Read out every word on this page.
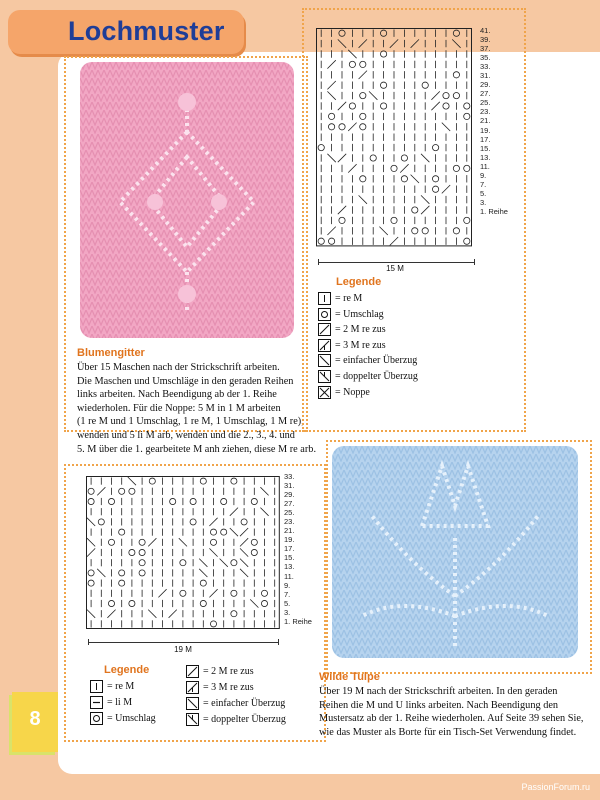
Lochmuster
Blumengitter
Über 15 Maschen nach der Strickschrift arbeiten.
Die Maschen und Umschläge in den geraden Reihen
links arbeiten. Nach Beendigung ab der 1. Reihe
wiederholen. Für die Noppe: 5 M in 1 M arbeiten
(1 re M und 1 Umschlag, 1 re M, 1 Umschlag, 1 M re),
wenden und 5 li M arb, wenden und die 2., 3., 4. und
5. M über die 1. gearbeitete M anh ziehen, diese M re arb.
41.
39.
37.
35.
33.
31.
29.
27.
25.
23.
21.
19.
17.
15.
13.
11.
9.
7.
5.
3.
1. Reihe
15 M
Legende
= re M
= Umschlag
= 2 M re zus
= 3 M re zus
= einfacher Überzug
= doppelter Überzug
= Noppe
33.
31.
29.
27.
25.
23.
21.
19.
17.
15.
13.
11.
9.
7.
5.
3.
1. Reihe
19 M
Legende
= re M
= li M
= Umschlag
= 2 M re zus
= 3 M re zus
= einfacher Überzug
= doppelter Überzug
Wilde Tulpe
Über 19 M nach der Strickschrift arbeiten. In den geraden
Reihen die M und U links arbeiten. Nach Beendigung den
Mustersatz ab der 1. Reihe wiederholen. Auf Seite 39 sehen Sie,
wie das Muster als Borte für ein Tisch-Set Verwendung findet.
8
PassionForum.ru
